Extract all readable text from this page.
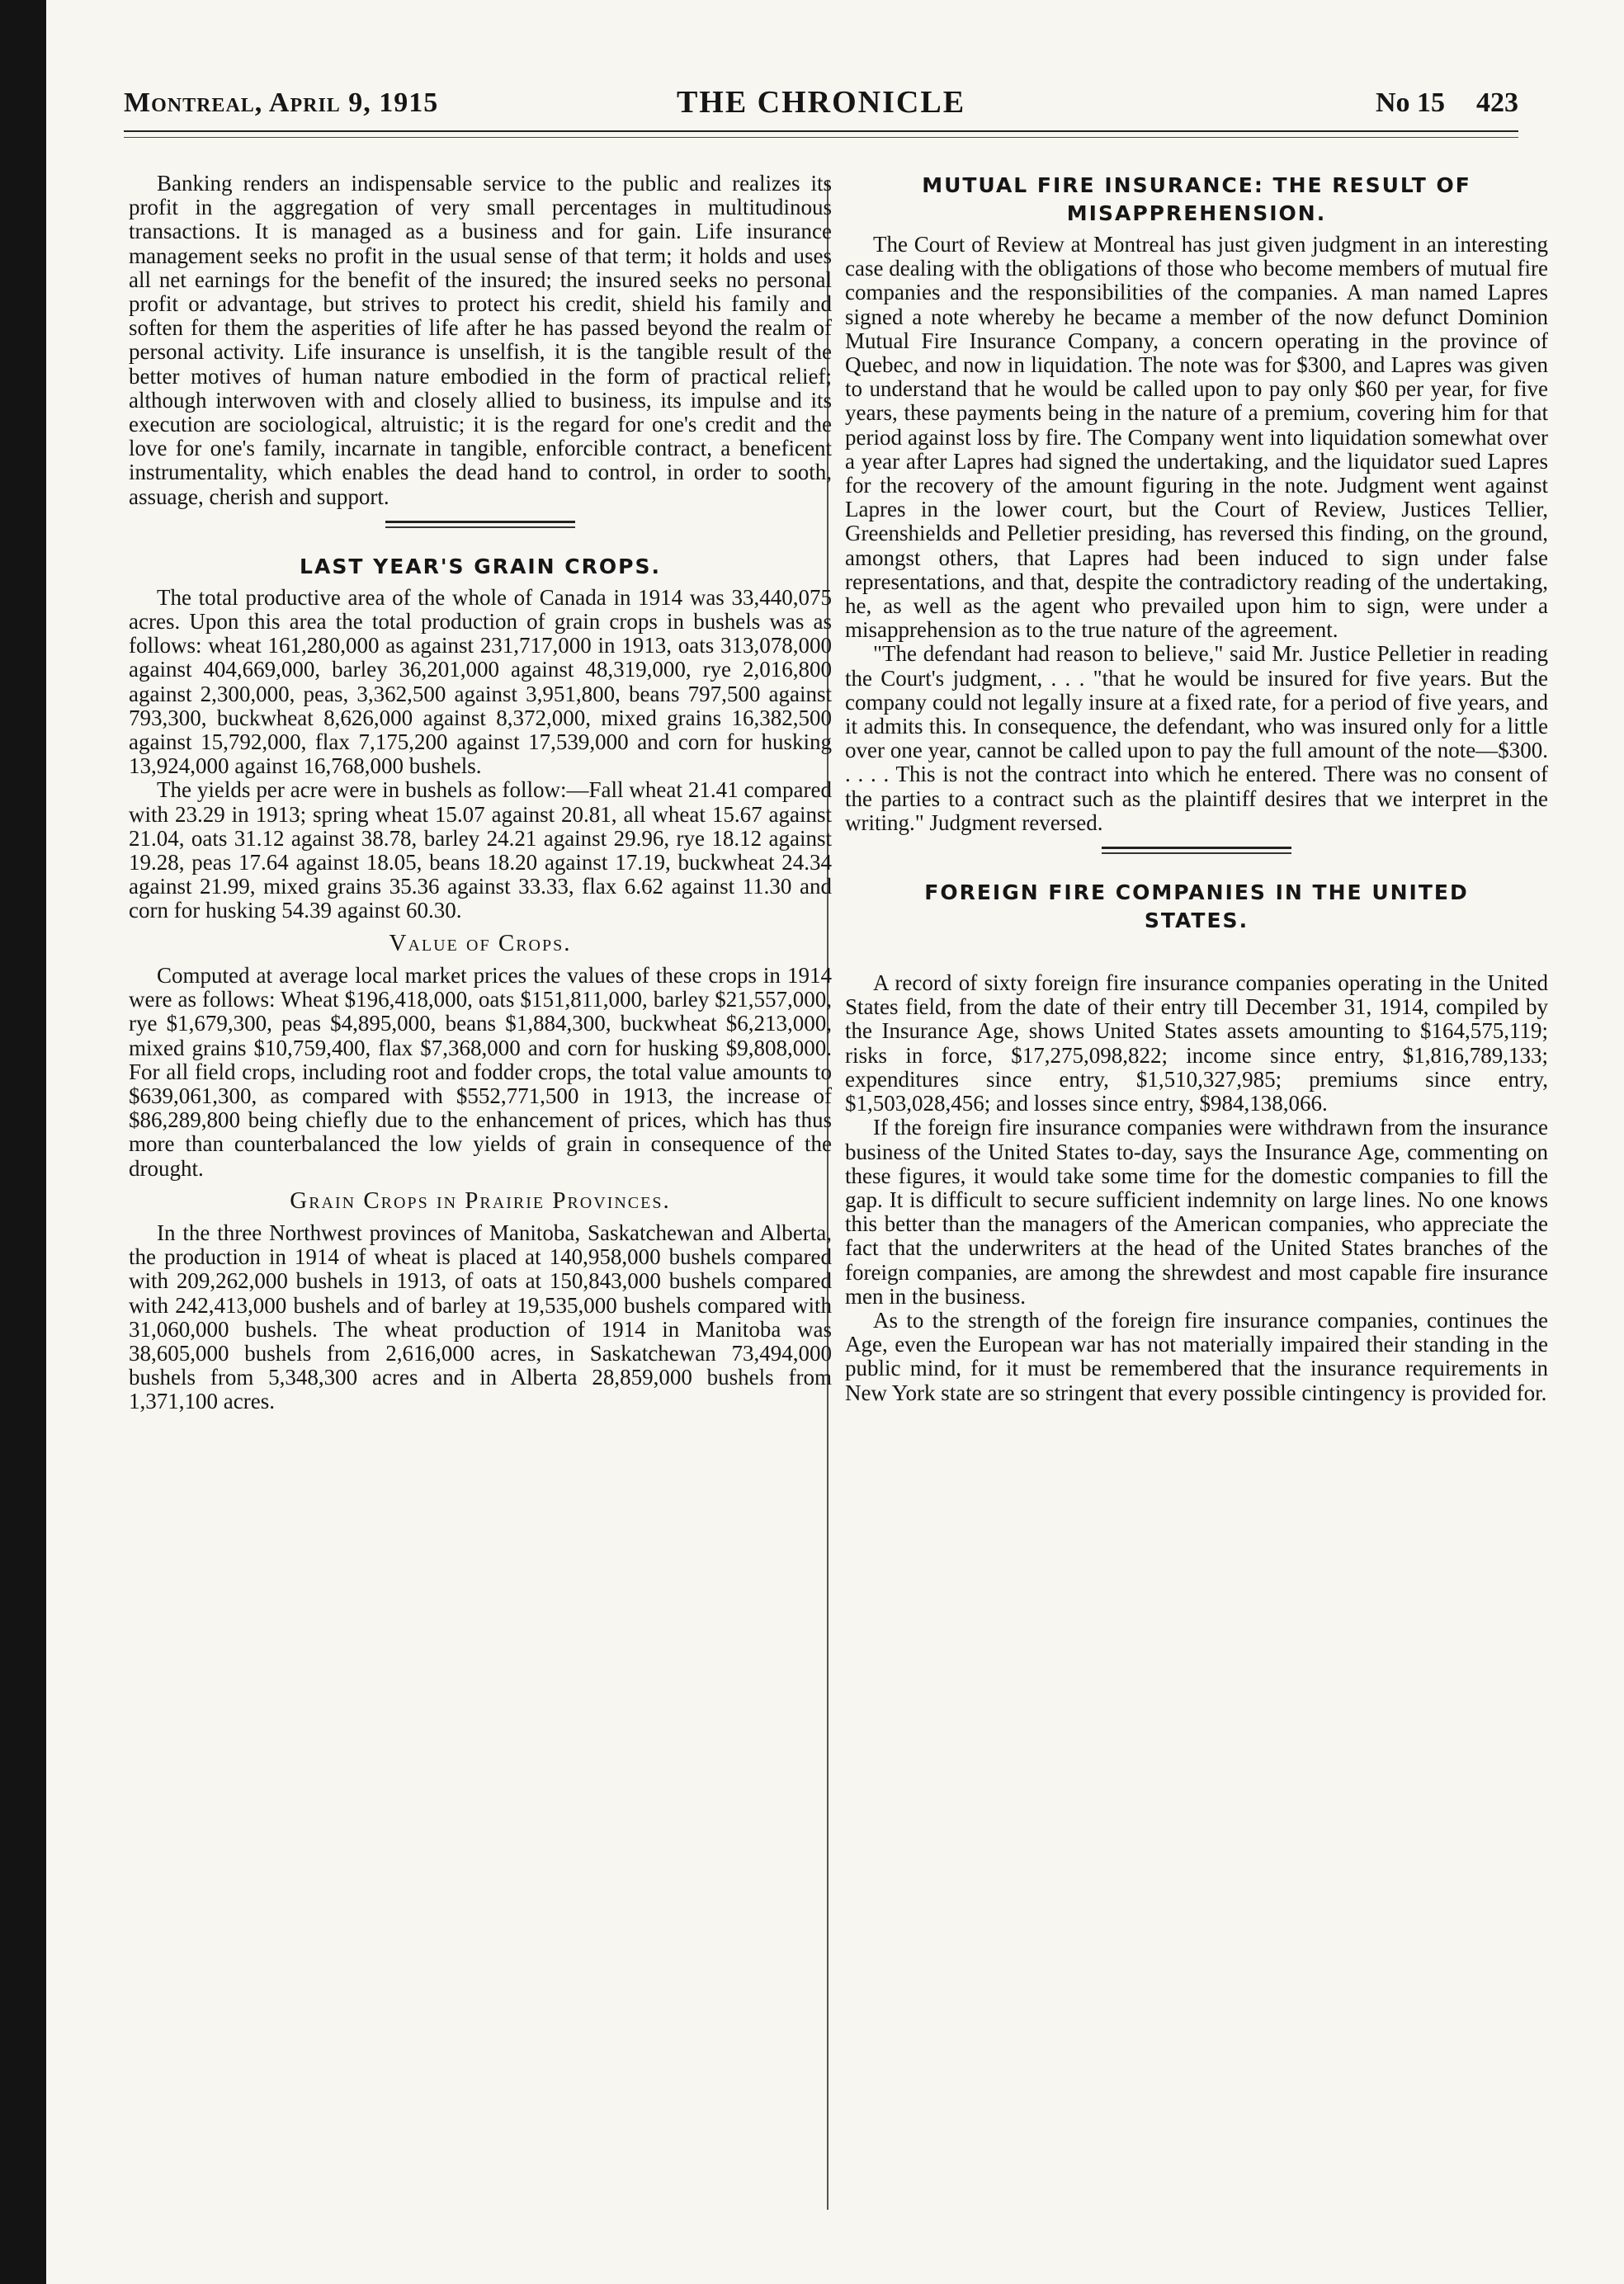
Montreal, April 9, 1915	THE CHRONICLE	No 15 423

Banking renders an indispensable service to the public and realizes its profit in the aggregation of very small percentages in multitudinous transactions. It is managed as a business and for gain. Life insurance management seeks no profit in the usual sense of that term; it holds and uses all net earnings for the benefit of the insured; the insured seeks no personal profit or advantage, but strives to protect his credit, shield his family and soften for them the asperities of life after he has passed beyond the realm of personal activity. Life insurance is unselfish, it is the tangible result of the better motives of human nature embodied in the form of practical relief; although interwoven with and closely allied to business, its impulse and its execution are sociological, altruistic; it is the regard for one's credit and the love for one's family, incarnate in tangible, enforcible contract, a beneficent instrumentality, which enables the dead hand to control, in order to sooth, assuage, cherish and support.

LAST YEAR'S GRAIN CROPS.

The total productive area of the whole of Canada in 1914 was 33,440,075 acres. Upon this area the total production of grain crops in bushels was as follows: wheat 161,280,000 as against 231,717,000 in 1913, oats 313,078,000 against 404,669,000, barley 36,201,000 against 48,319,000, rye 2,016,800 against 2,300,000, peas, 3,362,500 against 3,951,800, beans 797,500 against 793,300, buckwheat 8,626,000 against 8,372,000, mixed grains 16,382,500 against 15,792,000, flax 7,175,200 against 17,539,000 and corn for husking 13,924,000 against 16,768,000 bushels.

The yields per acre were in bushels as follow:—Fall wheat 21.41 compared with 23.29 in 1913; spring wheat 15.07 against 20.81, all wheat 15.67 against 21.04, oats 31.12 against 38.78, barley 24.21 against 29.96, rye 18.12 against 19.28, peas 17.64 against 18.05, beans 18.20 against 17.19, buckwheat 24.34 against 21.99, mixed grains 35.36 against 33.33, flax 6.62 against 11.30 and corn for husking 54.39 against 60.30.

Value of Crops.

Computed at average local market prices the values of these crops in 1914 were as follows: Wheat $196,418,000, oats $151,811,000, barley $21,557,000, rye $1,679,300, peas $4,895,000, beans $1,884,300, buckwheat $6,213,000, mixed grains $10,759,400, flax $7,368,000 and corn for husking $9,808,000. For all field crops, including root and fodder crops, the total value amounts to $639,061,300, as compared with $552,771,500 in 1913, the increase of $86,289,800 being chiefly due to the enhancement of prices, which has thus more than counterbalanced the low yields of grain in consequence of the drought.

Grain Crops in Prairie Provinces.

In the three Northwest provinces of Manitoba, Saskatchewan and Alberta, the production in 1914 of wheat is placed at 140,958,000 bushels compared with 209,262,000 bushels in 1913, of oats at 150,843,000 bushels compared with 242,413,000 bushels and of barley at 19,535,000 bushels compared with 31,060,000 bushels. The wheat production of 1914 in Manitoba was 38,605,000 bushels from 2,616,000 acres, in Saskatchewan 73,494,000 bushels from 5,348,300 acres and in Alberta 28,859,000 bushels from 1,371,100 acres.

MUTUAL FIRE INSURANCE: THE RESULT OF
MISAPPREHENSION.

The Court of Review at Montreal has just given judgment in an interesting case dealing with the obligations of those who become members of mutual fire companies and the responsibilities of the companies. A man named Lapres signed a note whereby he became a member of the now defunct Dominion Mutual Fire Insurance Company, a concern operating in the province of Quebec, and now in liquidation. The note was for $300, and Lapres was given to understand that he would be called upon to pay only $60 per year, for five years, these payments being in the nature of a premium, covering him for that period against loss by fire. The Company went into liquidation somewhat over a year after Lapres had signed the undertaking, and the liquidator sued Lapres for the recovery of the amount figuring in the note. Judgment went against Lapres in the lower court, but the Court of Review, Justices Tellier, Greenshields and Pelletier presiding, has reversed this finding, on the ground, amongst others, that Lapres had been induced to sign under false representations, and that, despite the contradictory reading of the undertaking, he, as well as the agent who prevailed upon him to sign, were under a misapprehension as to the true nature of the agreement.

"The defendant had reason to believe," said Mr. Justice Pelletier in reading the Court's judgment, . . . "that he would be insured for five years. But the company could not legally insure at a fixed rate, for a period of five years, and it admits this. In consequence, the defendant, who was insured only for a little over one year, cannot be called upon to pay the full amount of the note—$300. . . . . This is not the contract into which he entered. There was no consent of the parties to a contract such as the plaintiff desires that we interpret in the writing." Judgment reversed.

FOREIGN FIRE COMPANIES IN THE UNITED
STATES.

A record of sixty foreign fire insurance companies operating in the United States field, from the date of their entry till December 31, 1914, compiled by the Insurance Age, shows United States assets amounting to $164,575,119; risks in force, $17,275,098,822; income since entry, $1,816,789,133; expenditures since entry, $1,510,327,985; premiums since entry, $1,503,028,456; and losses since entry, $984,138,066.

If the foreign fire insurance companies were withdrawn from the insurance business of the United States to-day, says the Insurance Age, commenting on these figures, it would take some time for the domestic companies to fill the gap. It is difficult to secure sufficient indemnity on large lines. No one knows this better than the managers of the American companies, who appreciate the fact that the underwriters at the head of the United States branches of the foreign companies, are among the shrewdest and most capable fire insurance men in the business.

As to the strength of the foreign fire insurance companies, continues the Age, even the European war has not materially impaired their standing in the public mind, for it must be remembered that the insurance requirements in New York state are so stringent that every possible cintingency is provided for.
